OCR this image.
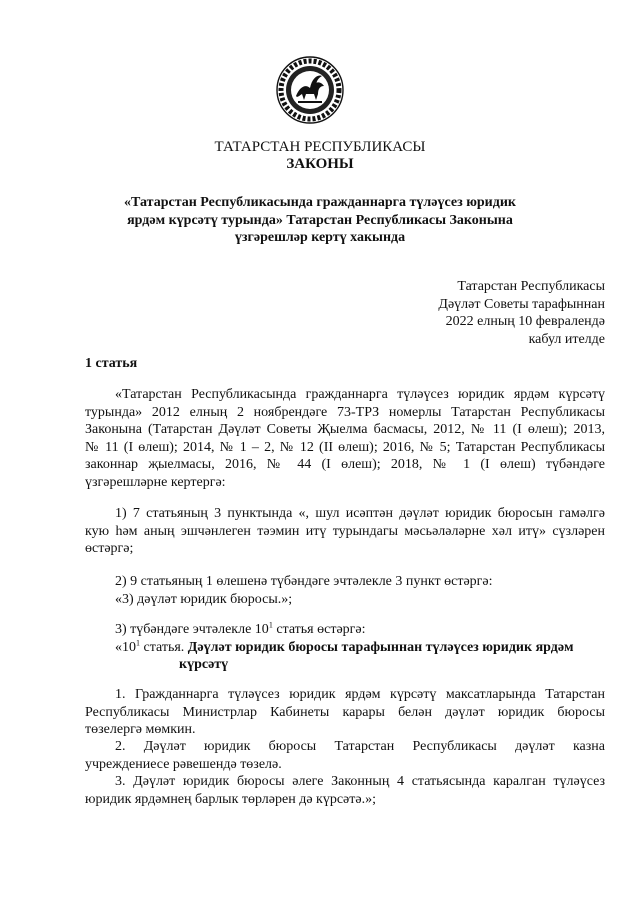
ТАТАРСТАН РЕСПУБЛИКАСЫ
ЗАКОНЫ
«Татарстан Республикасында гражданнарга түләүсез юридик
ярдәм күрсәтү турында» Татарстан Республикасы Законына
үзгәрешләр кертү хакында
Татарстан Республикасы
Дәүләт Советы тарафыннан
2022 елның 10 февралендә
кабул ителде
1 статья
«Татарстан Республикасында гражданнарга түләүсез юридик ярдәм күрсәтү
турында» 2012 елның 2 ноябрендәге 73-ТРЗ номерлы Татарстан Республикасы
Законына (Татарстан Дәүләт Советы Җыелма басмасы, 2012, № 11 (I өлеш); 2013,
№ 11 (I өлеш); 2014, № 1 – 2, № 12 (II өлеш); 2016, № 5; Татарстан Республикасы
законнар җыелмасы, 2016, № 44 (I өлеш); 2018, № 1 (I өлеш) түбәндәге
үзгәрешләрне кертергә:
1) 7 статьяның 3 пунктында «, шул исәптән дәүләт юридик бюросын гамәлгә
кую һәм аның эшчәнлеген тәэмин итү турындагы мәсьәләләрне хәл итү» сүзләрен
өстәргә;
2) 9 статьяның 1 өлешенә түбәндәге эчтәлекле 3 пункт өстәргә:
«3) дәүләт юридик бюросы.»;
3) түбәндәге эчтәлекле $10^1$ статья өстәргә:
«$10^1$ статья. Дәүләт юридик бюросы тарафыннан түләүсез юридик ярдәм
күрсәтү
1. Гражданнарга түләүсез юридик ярдәм күрсәтү максатларында Татарстан
Республикасы Министрлар Кабинеты карары белән дәүләт юридик бюросы
төзелергә мөмкин.
2. Дәүләт юридик бюросы Татарстан Республикасы дәүләт казна
учреждениесе рәвешендә төзелә.
3. Дәүләт юридик бюросы әлеге Законның 4 статьясында каралган түләүсез
юридик ярдәмнең барлык төрләрен дә күрсәтә.»;
